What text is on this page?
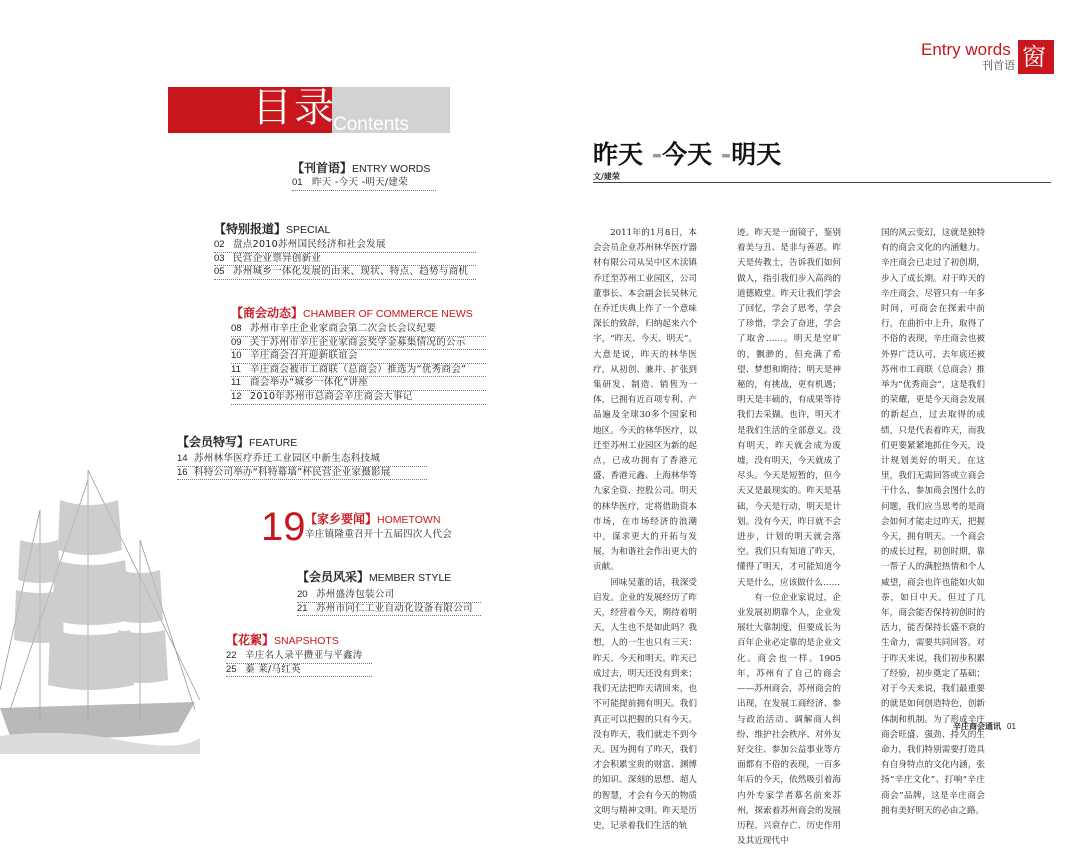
目录
Contents
【刊首语】ENTRY WORDS
01 昨天 -今天 -明天/建荣
【特别报道】SPECIAL
02 盘点2010苏州国民经济和社会发展
03 民营企业票异创新业
05 苏州城乡一体化发展的由来、现状、特点、趋势与商机
【商会动态】CHAMBER OF COMMERCE NEWS
08 苏州市辛庄企业家商会第二次会长会议纪要
09 关于苏州市辛庄企业家商会奖学金募集情况的公示
10 辛庄商会召开迎新联谊会
11 辛庄商会被市工商联（总商会）推选为“优秀商会”
11 商会举办“城乡一体化”讲座
12 2010年苏州市总商会辛庄商会大事记
【会员特写】FEATURE
14 苏州林华医疗乔迁工业园区中新生态科技城
16 科特公司举办“科特幕墙”杯民营企业家摄影展
19 【家乡要闻】HOMETOWN
辛庄镇隆重召开十五届四次人代会
【会员风采】MEMBER STYLE
20 苏州盛涛包装公司
21 苏州市同仁工业自动化设备有限公司
【花絮】SNAPSHOTS
22 辛庄名人录平攒亚与平鑫涛
25 蓁 莱/马红英
Entry words
刊首语 窗
昨天 -今天 -明天
文/建荣

2011年的1月8日，本会会员企业苏州林华医疗器材有限公司从吴中区木渎镇乔迁至苏州工业园区，公司董事长、本会副会长吴林元在乔迁庆典上作了一个意味深长的致辞，归纳起来六个字，“昨天、今天、明天”。大意是说，昨天的林华医疗，从初创、兼并、扩张到集研发、制造、销售为一体，已拥有近百项专利、产品遍及全球30多个国家和地区。今天的林华医疗，以迁至苏州工业园区为新的起点，已成功拥有了香港元盛、香港元鑫、上海林华等九家全资、控股公司。明天的林华医疗，定将借助资本市场，在市场经济的浪潮中，谋求更大的开拓与发展，为和谐社会作出更大的贡献。

回味吴董的话，我深受启发。企业的发展经历了昨天，经营着今天，期待着明天，人生也不是如此吗？我想，人的一生也只有三天：昨天、今天和明天。昨天已成过去，明天还没有到来；我们无法把昨天请回来，也不可能提前拥有明天。我们真正可以把握的只有今天。没有昨天，我们就走不到今天。因为拥有了昨天，我们才会积累宝贵的财富、渊博的知识、深刻的思想、超人的智慧，才会有今天的物质文明与精神文明。昨天是历史，记录着我们生活的轨

迹。昨天是一面镜子，鉴别着美与丑、是非与善恶。昨天是传教士，告诉我们如何做人，指引我们步入高尚的道德殿堂。昨天让我们学会了回忆，学会了思考，学会了珍惜，学会了奋进，学会了取舍……。明天是空旷的，飘渺的，但充满了希望、梦想和期待；明天是神秘的，有挑战，更有机遇；明天是丰硕的，有成果等待我们去采撷。也许，明天才是我们生活的全部意义。没有明天，昨天就会成为废墟，没有明天，今天就成了尽头。今天是短暂的，但今天又是最现实的。昨天是基础，今天是行动，明天是计划。没有今天，昨日就不会进步，计划的明天就会落空。我们只有知道了昨天，懂得了明天，才可能知道今天是什么，应该做什么……

有一位企业家说过，企业发展初期靠个人，企业发展壮大靠制度，但要成长为百年企业必定靠的是企业文化。商会也一样。1905年，苏州有了自己的商会——苏州商会，苏州商会的出现，在发展工商经济、参与政治活动、调解商人纠纷、维护社会秩序、对外友好交往、参加公益事业等方面都有不俗的表现，一百多年后的今天，依然吸引着海内外专家学者慕名前来苏州，探索着苏州商会的发展历程、兴衰存亡、历史作用及其近现代中

国的风云变幻，这就是独特有的商会文化的内涵魅力。辛庄商会已走过了初创期，步入了成长期。对于昨天的辛庄商会，尽管只有一年多时间，可商会在探索中前行，在曲折中上升，取得了不俗的表现，辛庄商会也被外界广泛认可，去年底还被苏州市工商联（总商会）推举为“优秀商会”，这是我们的荣耀，更是今天商会发展的新起点，过去取得的成绩，只是代表着昨天，而我们更要紧紧地抓住今天，设计规划美好的明天。在这里，我们无需回答或立商会干什么，参加商会图什么的问题，我们应当思考的是商会如何才能走过昨天，把握今天，拥有明天。一个商会的成长过程，初创时期，靠一帮子人的满腔热情和个人威望，商会也许也能如火如荼，如日中天。但过了几年，商会能否保持初创时的活力，能否保持长盛不衰的生命力，需要共同回答。对于昨天来说，我们初步积累了经验，初步奠定了基础；对于今天来说，我们最重要的就是如何创造特色，创新体制和机制。为了形成辛庄商会旺盛、强劲、持久的生命力，我们特别需要打造具有自身特点的文化内涵，张扬“辛庄文化”、打响“辛庄商会”品牌，这是辛庄商会拥有美好明天的必由之路。

辛庄商会通讯 01
